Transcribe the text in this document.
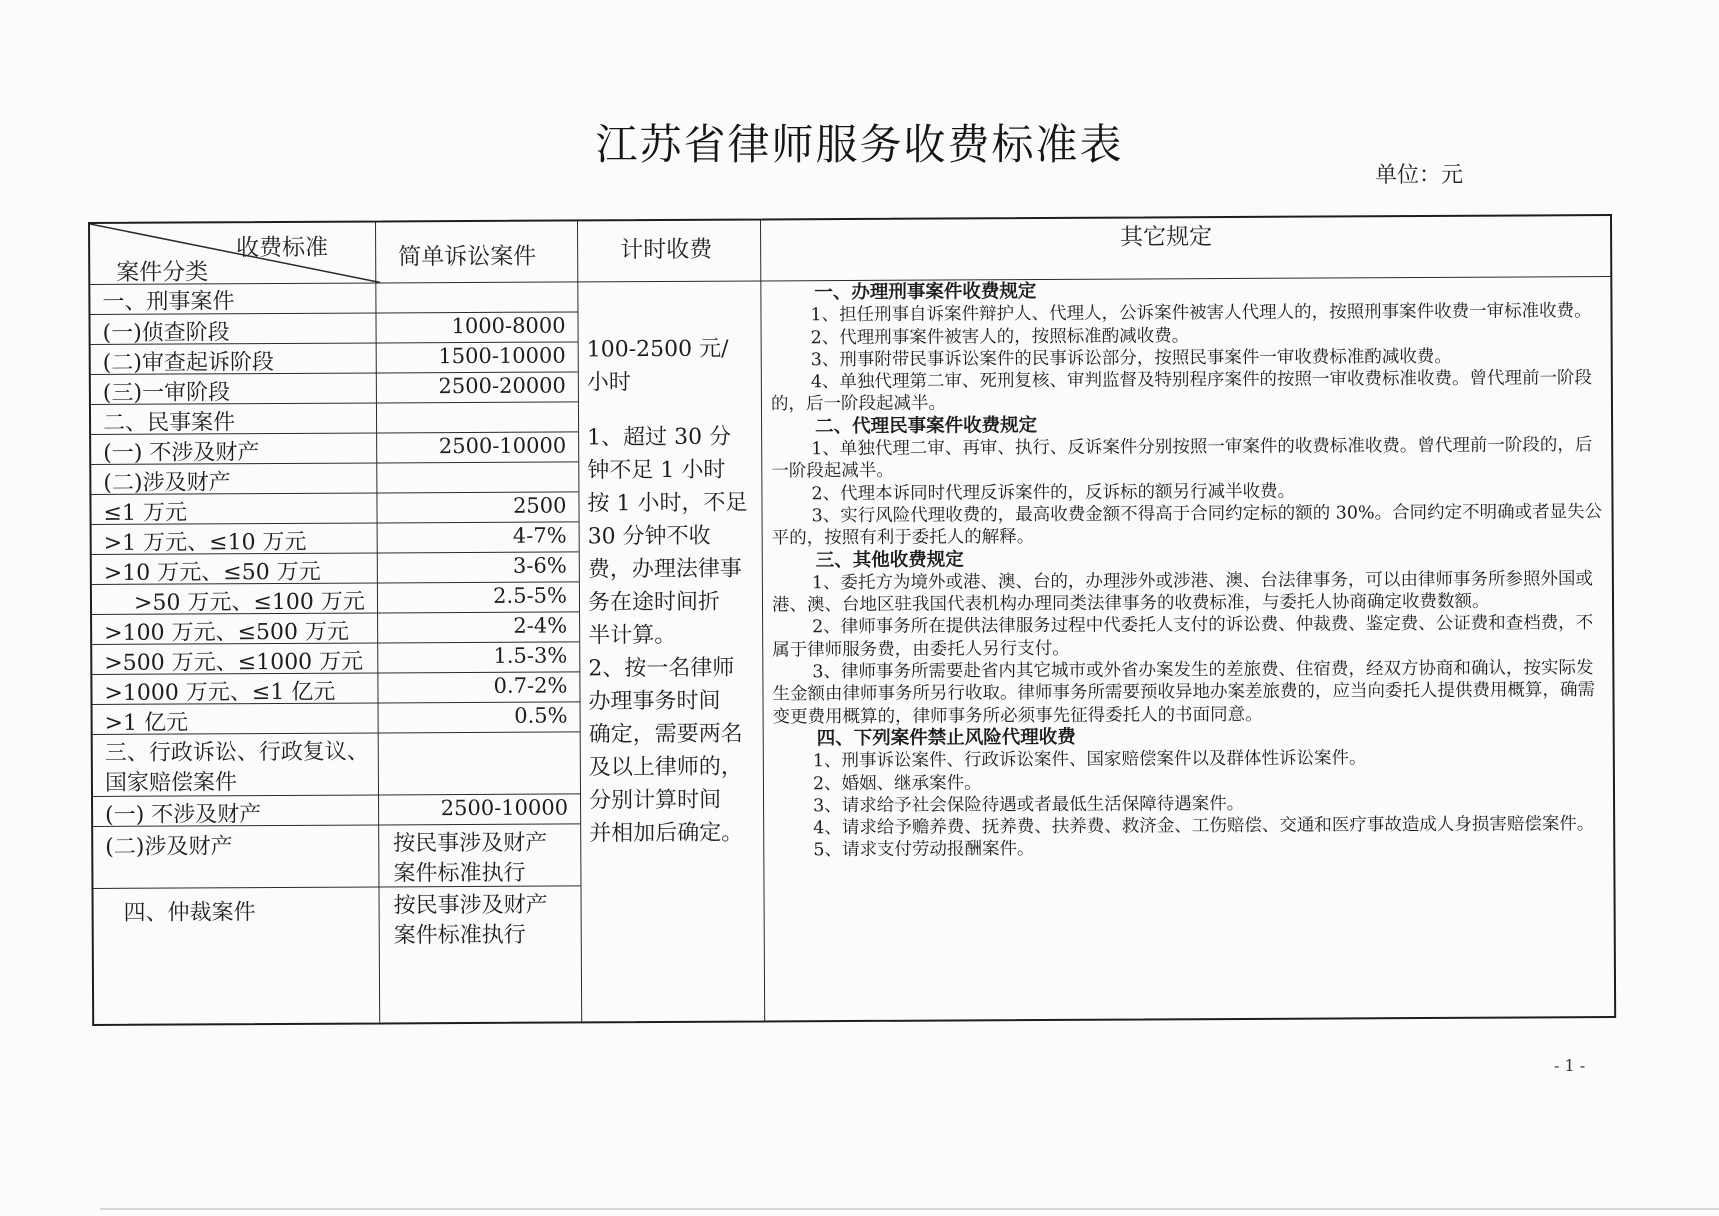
江苏省律师服务收费标准表
单位：元
收费标准
案件分类
简单诉讼案件	计时收费	其它规定
一、刑事案件
(一)侦查阶段	1000-8000
(二)审查起诉阶段	1500-10000
(三)一审阶段	2500-20000
二、民事案件
(一) 不涉及财产	2500-10000
(二)涉及财产
≤1 万元	2500
>1 万元、≤10 万元	4-7%
>10 万元、≤50 万元	3-6%
>50 万元、≤100 万元	2.5-5%
>100 万元、≤500 万元	2-4%
>500 万元、≤1000 万元	1.5-3%
>1000 万元、≤1 亿元	0.7-2%
>1 亿元	0.5%
三、行政诉讼、行政复议、
国家赔偿案件
(一) 不涉及财产	2500-10000
(二)涉及财产	按民事涉及财产
案件标准执行
四、仲裁案件	按民事涉及财产
案件标准执行

100-2500 元/

小时

1、超过 30 分

钟不足 1 小时

按 1 小时，不足

30 分钟不收

费，办理法律事

务在途时间折

半计算。

2、按一名律师

办理事务时间

确定，需要两名

及以上律师的，

分别计算时间

并相加后确定。

一、办理刑事案件收费规定
1、担任刑事自诉案件辩护人、代理人，公诉案件被害人代理人的，按照刑事案件收费一审标准收费。
2、代理刑事案件被害人的，按照标准酌减收费。
3、刑事附带民事诉讼案件的民事诉讼部分，按照民事案件一审收费标准酌减收费。
4、单独代理第二审、死刑复核、审判监督及特别程序案件的按照一审收费标准收费。曾代理前一阶段的，后一阶段起减半。
二、代理民事案件收费规定
1、单独代理二审、再审、执行、反诉案件分别按照一审案件的收费标准收费。曾代理前一阶段的，后一阶段起减半。
2、代理本诉同时代理反诉案件的，反诉标的额另行减半收费。
3、实行风险代理收费的，最高收费金额不得高于合同约定标的额的 30%。合同约定不明确或者显失公平的，按照有利于委托人的解释。
三、其他收费规定
1、委托方为境外或港、澳、台的，办理涉外或涉港、澳、台法律事务，可以由律师事务所参照外国或港、澳、台地区驻我国代表机构办理同类法律事务的收费标准，与委托人协商确定收费数额。
2、律师事务所在提供法律服务过程中代委托人支付的诉讼费、仲裁费、鉴定费、公证费和查档费，不属于律师服务费，由委托人另行支付。
3、律师事务所需要赴省内其它城市或外省办案发生的差旅费、住宿费，经双方协商和确认，按实际发生金额由律师事务所另行收取。律师事务所需要预收异地办案差旅费的，应当向委托人提供费用概算，确需变更费用概算的，律师事务所必须事先征得委托人的书面同意。
四、下列案件禁止风险代理收费
1、刑事诉讼案件、行政诉讼案件、国家赔偿案件以及群体性诉讼案件。
2、婚姻、继承案件。
3、请求给予社会保险待遇或者最低生活保障待遇案件。
4、请求给予赡养费、抚养费、扶养费、救济金、工伤赔偿、交通和医疗事故造成人身损害赔偿案件。
5、请求支付劳动报酬案件。
- 1 -
